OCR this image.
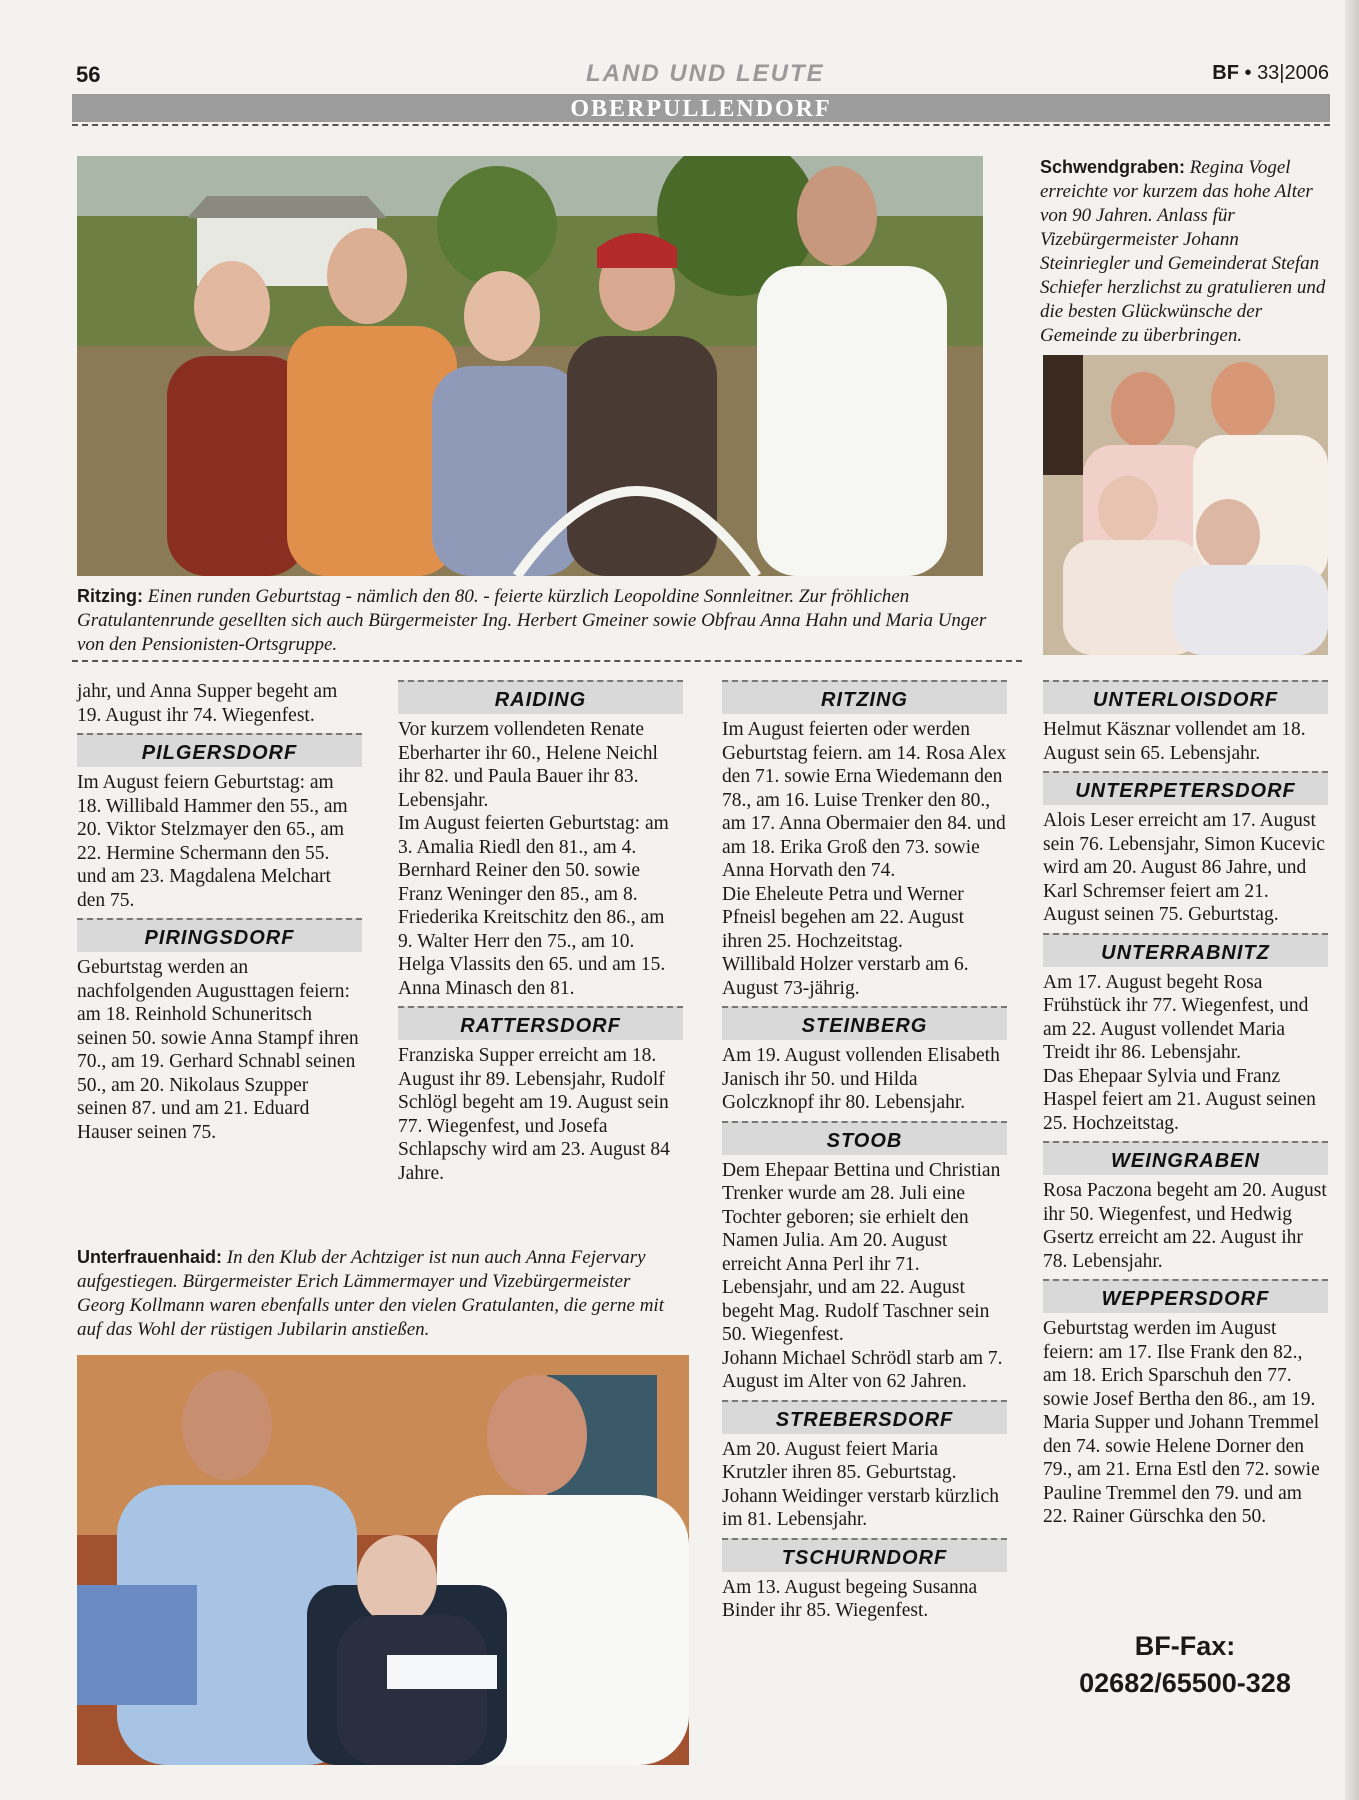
56	LAND UND LEUTE	BF • 33|2006
OBERPULLENDORF
Schwendgraben: Regina Vogel erreichte vor kurzem das hohe Alter von 90 Jahren. Anlass für Vizebürgermeister Johann Steinriegler und Gemeinderat Stefan Schiefer herzlichst zu gratulieren und die besten Glückwünsche der Gemeinde zu überbringen.
Ritzing: Einen runden Geburtstag - nämlich den 80. - feierte kürzlich Leopoldine Sonnleitner. Zur fröhlichen Gratulantenrunde gesellten sich auch Bürgermeister Ing. Herbert Gmeiner sowie Obfrau Anna Hahn und Maria Unger von den Pensionisten-Ortsgruppe.

jahr, und Anna Supper begeht am 19. August ihr 74. Wiegenfest.

PILGERSDORF

Im August feiern Geburtstag: am 18. Willibald Hammer den 55., am 20. Viktor Stelzmayer den 65., am 22. Hermine Schermann den 55. und am 23. Magdalena Melchart den 75.

PIRINGSDORF

Geburtstag werden an nachfolgenden Augusttagen feiern: am 18. Reinhold Schuneritsch seinen 50. sowie Anna Stampf ihren 70., am 19. Gerhard Schnabl seinen 50., am 20. Nikolaus Szupper seinen 87. und am 21. Eduard Hauser seinen 75.

RAIDING

Vor kurzem vollendeten Renate Eberharter ihr 60., Helene Neichl ihr 82. und Paula Bauer ihr 83. Lebensjahr.

Im August feierten Geburtstag: am 3. Amalia Riedl den 81., am 4. Bernhard Reiner den 50. sowie Franz Weninger den 85., am 8. Friederika Kreitschitz den 86., am 9. Walter Herr den 75., am 10. Helga Vlassits den 65. und am 15. Anna Minasch den 81.

RATTERSDORF

Franziska Supper erreicht am 18. August ihr 89. Lebensjahr, Rudolf Schlögl begeht am 19. August sein 77. Wiegenfest, und Josefa Schlapschy wird am 23. August 84 Jahre.

RITZING

Im August feierten oder werden Geburtstag feiern. am 14. Rosa Alex den 71. sowie Erna Wiedemann den 78., am 16. Luise Trenker den 80., am 17. Anna Obermaier den 84. und am 18. Erika Groß den 73. sowie Anna Horvath den 74.

Die Eheleute Petra und Werner Pfneisl begehen am 22. August ihren 25. Hochzeitstag.

Willibald Holzer verstarb am 6. August 73-jährig.

STEINBERG

Am 19. August vollenden Elisabeth Janisch ihr 50. und Hilda Golczknopf ihr 80. Lebensjahr.

STOOB

Dem Ehepaar Bettina und Christian Trenker wurde am 28. Juli eine Tochter geboren; sie erhielt den Namen Julia. Am 20. August erreicht Anna Perl ihr 71. Lebensjahr, und am 22. August begeht Mag. Rudolf Taschner sein 50. Wiegenfest.

Johann Michael Schrödl starb am 7. August im Alter von 62 Jahren.

STREBERSDORF

Am 20. August feiert Maria Krutzler ihren 85. Geburtstag. Johann Weidinger verstarb kürzlich im 81. Lebensjahr.

TSCHURNDORF

Am 13. August begeing Susanna Binder ihr 85. Wiegenfest.

UNTERLOISDORF

Helmut Käsznar vollendet am 18. August sein 65. Lebensjahr.

UNTERPETERSDORF

Alois Leser erreicht am 17. August sein 76. Lebensjahr, Simon Kucevic wird am 20. August 86 Jahre, und Karl Schremser feiert am 21. August seinen 75. Geburtstag.

UNTERRABNITZ

Am 17. August begeht Rosa Frühstück ihr 77. Wiegenfest, und am 22. August vollendet Maria Treidt ihr 86. Lebensjahr.

Das Ehepaar Sylvia und Franz Haspel feiert am 21. August seinen 25. Hochzeitstag.

WEINGRABEN

Rosa Paczona begeht am 20. August ihr 50. Wiegenfest, und Hedwig Gsertz erreicht am 22. August ihr 78. Lebensjahr.

WEPPERSDORF

Geburtstag werden im August feiern: am 17. Ilse Frank den 82., am 18. Erich Sparschuh den 77. sowie Josef Bertha den 86., am 19. Maria Supper und Johann Tremmel den 74. sowie Helene Dorner den 79., am 21. Erna Estl den 72. sowie Pauline Tremmel den 79. und am 22. Rainer Gürschka den 50.

Unterfrauenhaid: In den Klub der Achtziger ist nun auch Anna Fejervary aufgestiegen. Bürgermeister Erich Lämmermayer und Vizebürgermeister Georg Kollmann waren ebenfalls unter den vielen Gratulanten, die gerne mit auf das Wohl der rüstigen Jubilarin anstießen.
BF-Fax:
02682/65500-328
